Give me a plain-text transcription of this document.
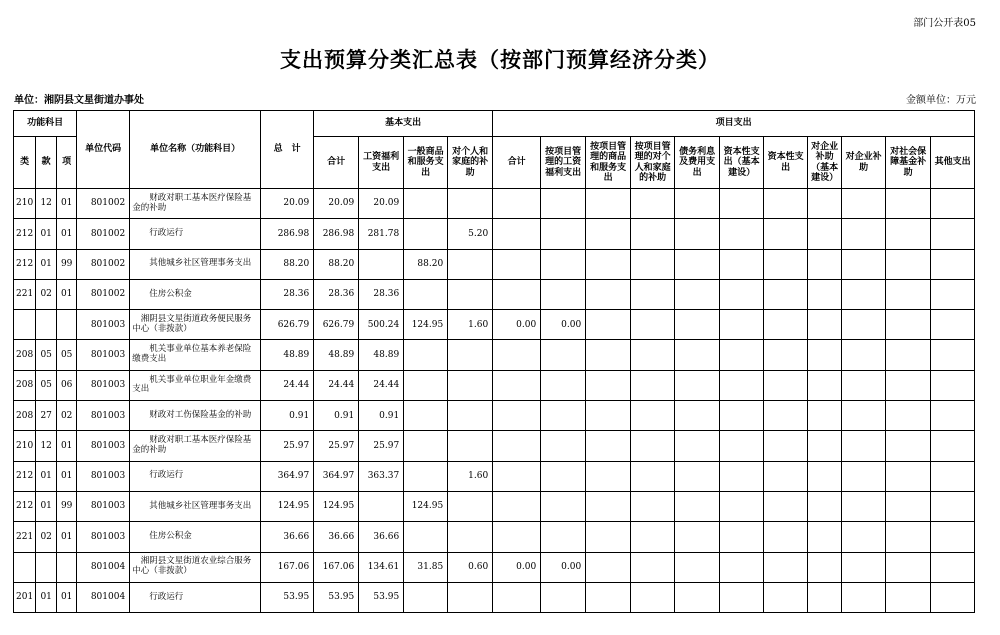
部门公开表05
支出预算分类汇总表（按部门预算经济分类）
单位：湘阴县文星街道办事处	金额单位：万元
功能科目			单位代码	单位名称（功能科目）	总　计	基本支出				项目支出										
类	款	项				合计	工资福利支出	一般商品和服务支出	对个人和家庭的补助	合计	按项目管理的工资福利支出	按项目管理的商品和服务支出	按项目管理的对个人和家庭的补助	债务利息及费用支出	资本性支出（基本建设）	资本性支出	对企业补助（基本建设）	对企业补助	对社会保障基金补助	其他支出
210	12	01	801002	　　财政对职工基本医疗保险基金的补助	20.09	20.09	20.09													
212	01	01	801002	　　行政运行	286.98	286.98	281.78		5.20											
212	01	99	801002	　　其他城乡社区管理事务支出	88.20	88.20		88.20												
221	02	01	801002	　　住房公积金	28.36	28.36	28.36													
			801003	　湘阴县文星街道政务便民服务中心（非拨款）	626.79	626.79	500.24	124.95	1.60	0.00	0.00									
208	05	05	801003	　　机关事业单位基本养老保险缴费支出	48.89	48.89	48.89													
208	05	06	801003	　　机关事业单位职业年金缴费支出	24.44	24.44	24.44													
208	27	02	801003	　　财政对工伤保险基金的补助	0.91	0.91	0.91													
210	12	01	801003	　　财政对职工基本医疗保险基金的补助	25.97	25.97	25.97													
212	01	01	801003	　　行政运行	364.97	364.97	363.37		1.60											
212	01	99	801003	　　其他城乡社区管理事务支出	124.95	124.95		124.95												
221	02	01	801003	　　住房公积金	36.66	36.66	36.66													
			801004	　湘阴县文星街道农业综合服务中心（非拨款）	167.06	167.06	134.61	31.85	0.60	0.00	0.00									
201	01	01	801004	　　行政运行	53.95	53.95	53.95													
